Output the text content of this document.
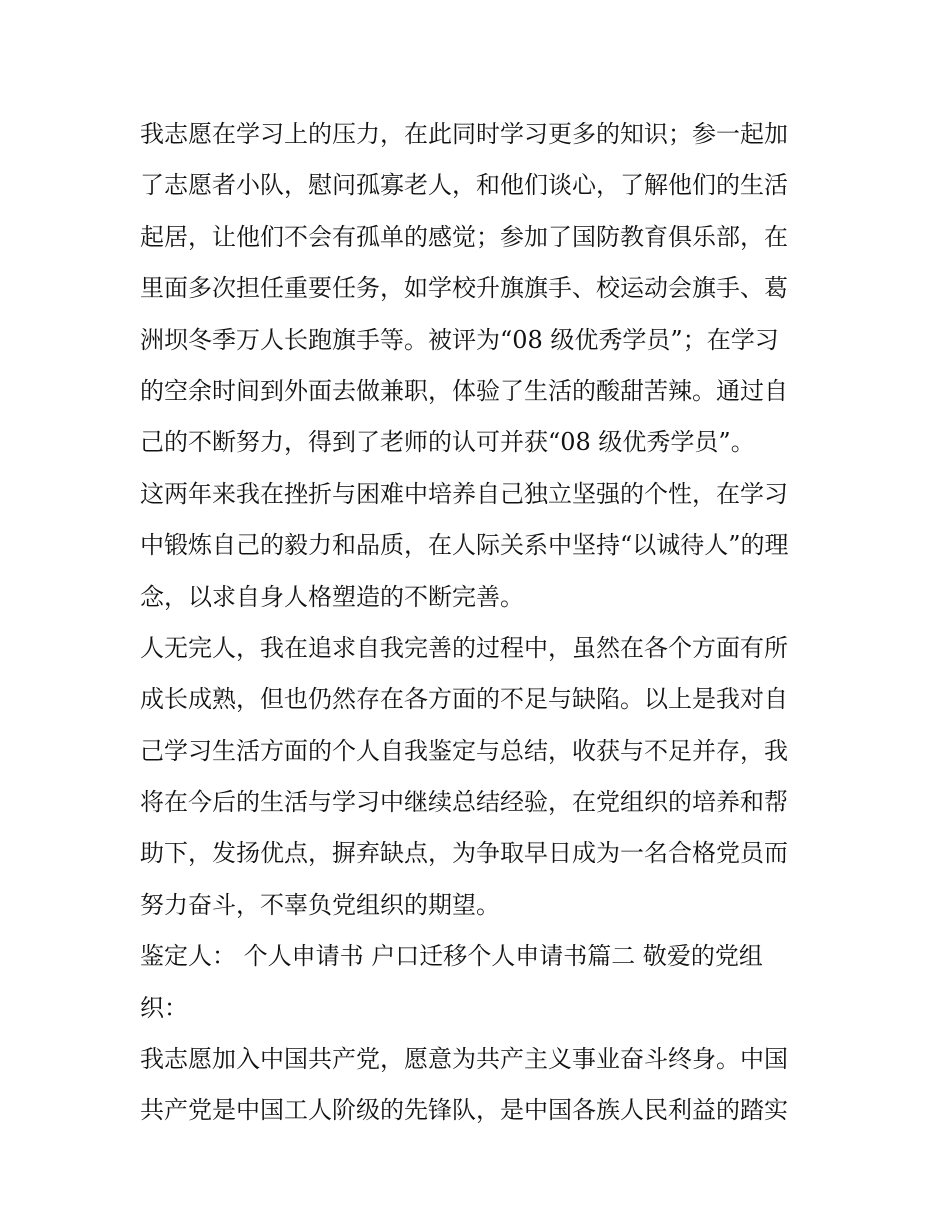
我志愿在学习上的压力，在此同时学习更多的知识；参一起加
了志愿者小队，慰问孤寡老人，和他们谈心，了解他们的生活
起居，让他们不会有孤单的感觉；参加了国防教育俱乐部，在
里面多次担任重要任务，如学校升旗旗手、校运动会旗手、葛
洲坝冬季万人长跑旗手等。被评为“08 级优秀学员”；在学习
的空余时间到外面去做兼职，体验了生活的酸甜苦辣。通过自
己的不断努力，得到了老师的认可并获“08 级优秀学员”。
这两年来我在挫折与困难中培养自己独立坚强的个性，在学习
中锻炼自己的毅力和品质，在人际关系中坚持“以诚待人”的理
念，以求自身人格塑造的不断完善。
人无完人，我在追求自我完善的过程中，虽然在各个方面有所
成长成熟，但也仍然存在各方面的不足与缺陷。以上是我对自
己学习生活方面的个人自我鉴定与总结，收获与不足并存，我
将在今后的生活与学习中继续总结经验，在党组织的培养和帮
助下，发扬优点，摒弃缺点，为争取早日成为一名合格党员而
努力奋斗，不辜负党组织的期望。
鉴定人： 个人申请书 户口迁移个人申请书篇二 敬爱的党组
织：
我志愿加入中国共产党，愿意为共产主义事业奋斗终身。中国
共产党是中国工人阶级的先锋队，是中国各族人民利益的踏实
